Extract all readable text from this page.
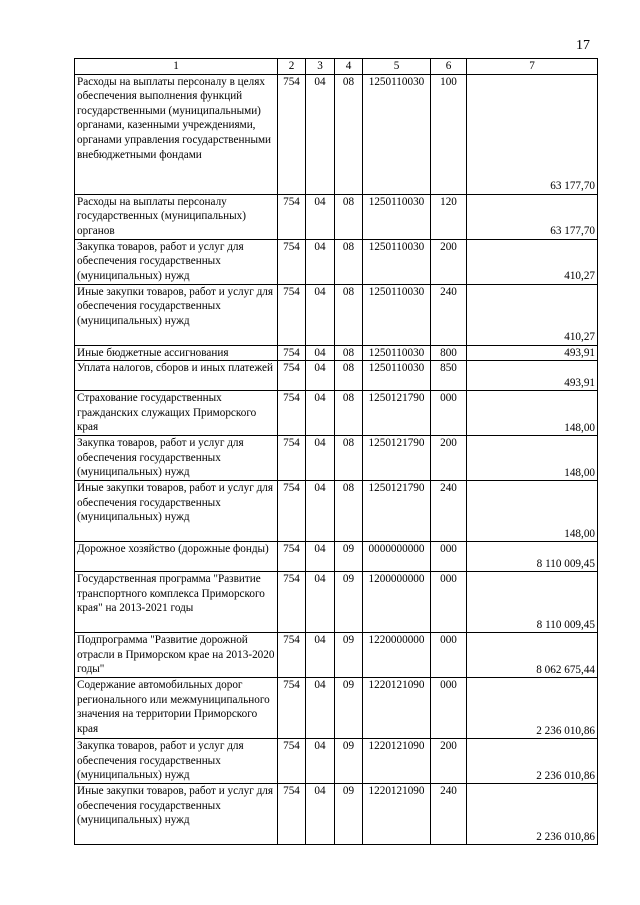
17
1	2	3	4	5	6	7
Расходы на выплаты персоналу в целях обеспечения выполнения функций государственными (муниципальными) органами, казенными учреждениями, органами управления государственными внебюджетными фондами	754	04	08	1250110030	100	63 177,70
Расходы на выплаты персоналу государственных (муниципальных) органов	754	04	08	1250110030	120	63 177,70
Закупка товаров, работ и услуг для обеспечения государственных (муниципальных) нужд	754	04	08	1250110030	200	410,27
Иные закупки товаров, работ и услуг для обеспечения государственных (муниципальных) нужд	754	04	08	1250110030	240	410,27
Иные бюджетные ассигнования	754	04	08	1250110030	800	493,91
Уплата налогов, сборов и иных платежей	754	04	08	1250110030	850	493,91
Страхование государственных гражданских служащих Приморского края	754	04	08	1250121790	000	148,00
Закупка товаров, работ и услуг для обеспечения государственных (муниципальных) нужд	754	04	08	1250121790	200	148,00
Иные закупки товаров, работ и услуг для обеспечения государственных (муниципальных) нужд	754	04	08	1250121790	240	148,00
Дорожное хозяйство (дорожные фонды)	754	04	09	0000000000	000	8 110 009,45
Государственная программа "Развитие транспортного комплекса Приморского края" на 2013-2021 годы	754	04	09	1200000000	000	8 110 009,45
Подпрограмма "Развитие дорожной отрасли в Приморском крае на 2013-2020 годы"	754	04	09	1220000000	000	8 062 675,44
Содержание автомобильных дорог регионального или межмуниципального значения на территории Приморского края	754	04	09	1220121090	000	2 236 010,86
Закупка товаров, работ и услуг для обеспечения государственных (муниципальных) нужд	754	04	09	1220121090	200	2 236 010,86
Иные закупки товаров, работ и услуг для обеспечения государственных (муниципальных) нужд	754	04	09	1220121090	240	2 236 010,86
